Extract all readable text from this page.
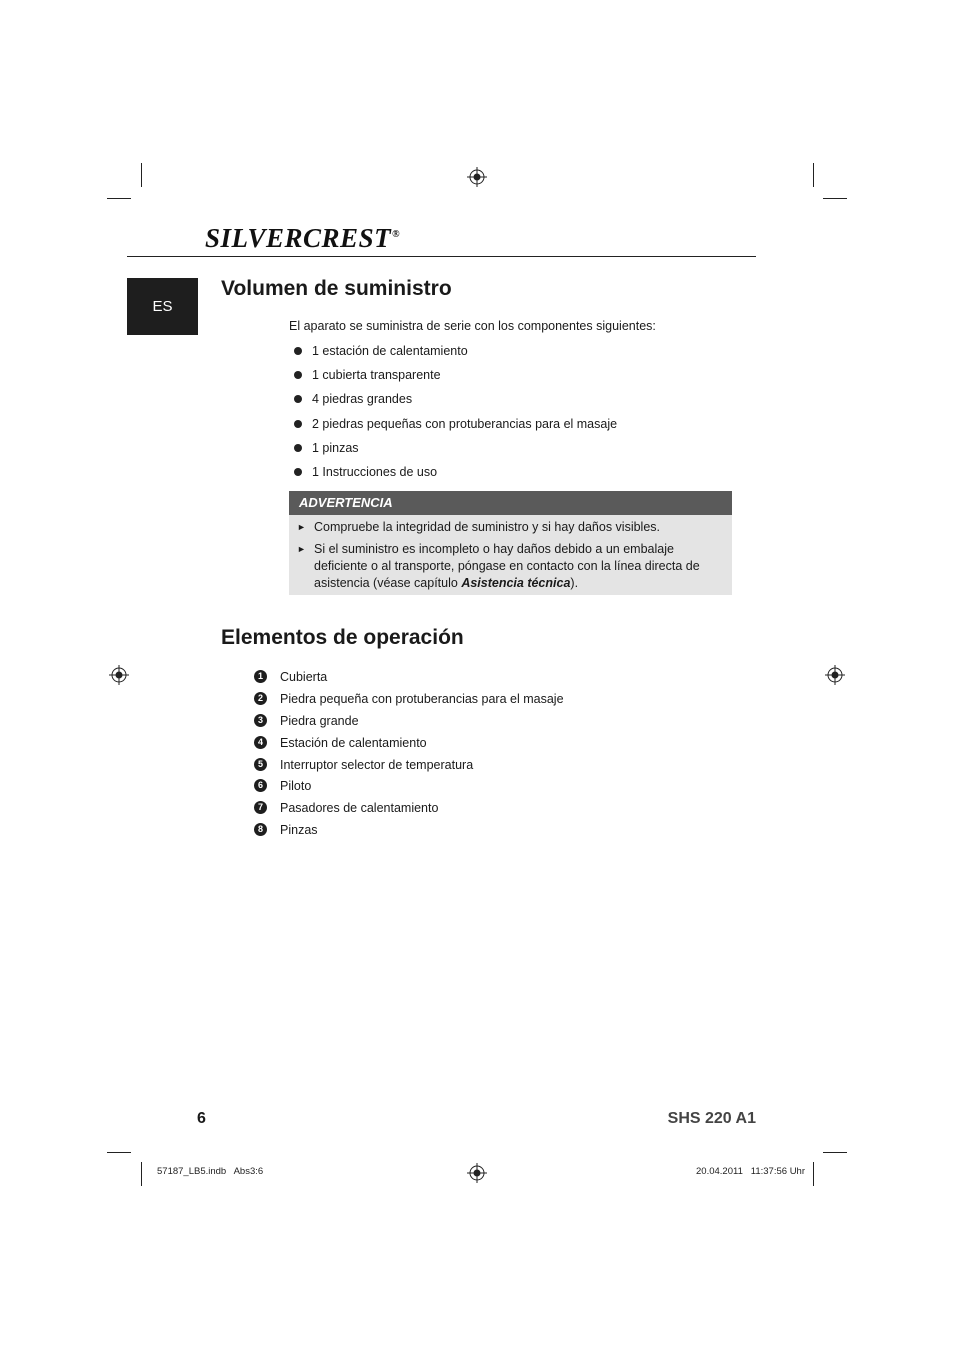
SILVERCREST®
ES
Volumen de suministro
El aparato se suministra de serie con los componentes siguientes:
1 estación de calentamiento
1 cubierta transparente
4 piedras grandes
2 piedras pequeñas con protuberancias para el masaje
1 pinzas
1 Instrucciones de uso
ADVERTENCIA
► Compruebe la integridad de suministro y si hay daños visibles.
► Si el suministro es incompleto o hay daños debido a un embalaje deficiente o al transporte, póngase en contacto con la línea directa de asistencia (véase capítulo Asistencia técnica).
Elementos de operación
1	Cubierta
2	Piedra pequeña con protuberancias para el masaje
3	Piedra grande
4	Estación de calentamiento
5	Interruptor selector de temperatura
6	Piloto
7	Pasadores de calentamiento
8	Pinzas
6	SHS 220 A1
57187_LB5.indb   Abs3:6	20.04.2011   11:37:56 Uhr
